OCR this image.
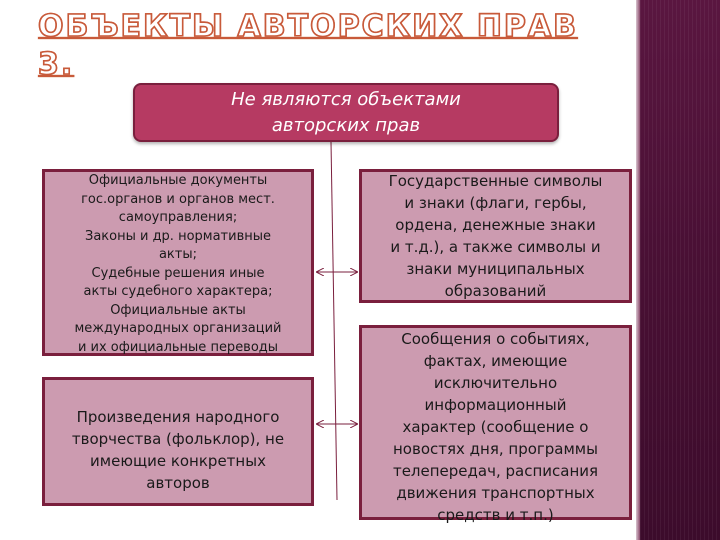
ОБЪЕКТЫ АВТОРСКИХ ПРАВ
3.
Не являются объектами
авторских прав
Официальные документы
гос.органов и органов мест.
самоуправления;
Законы и др. нормативные
акты;
Судебные решения иные
акты судебного характера;
Официальные акты
международных организаций
и их официальные переводы
Произведения народного
творчества (фольклор), не
имеющие конкретных
авторов
Государственные символы
и знаки (флаги, гербы,
ордена, денежные знаки
и т.д.), а также символы и
знаки муниципальных
образований
Сообщения о событиях,
фактах, имеющие
исключительно
информационный
характер (сообщение о
новостях дня, программы
телепередач, расписания
движения транспортных
средств и т.п.)
